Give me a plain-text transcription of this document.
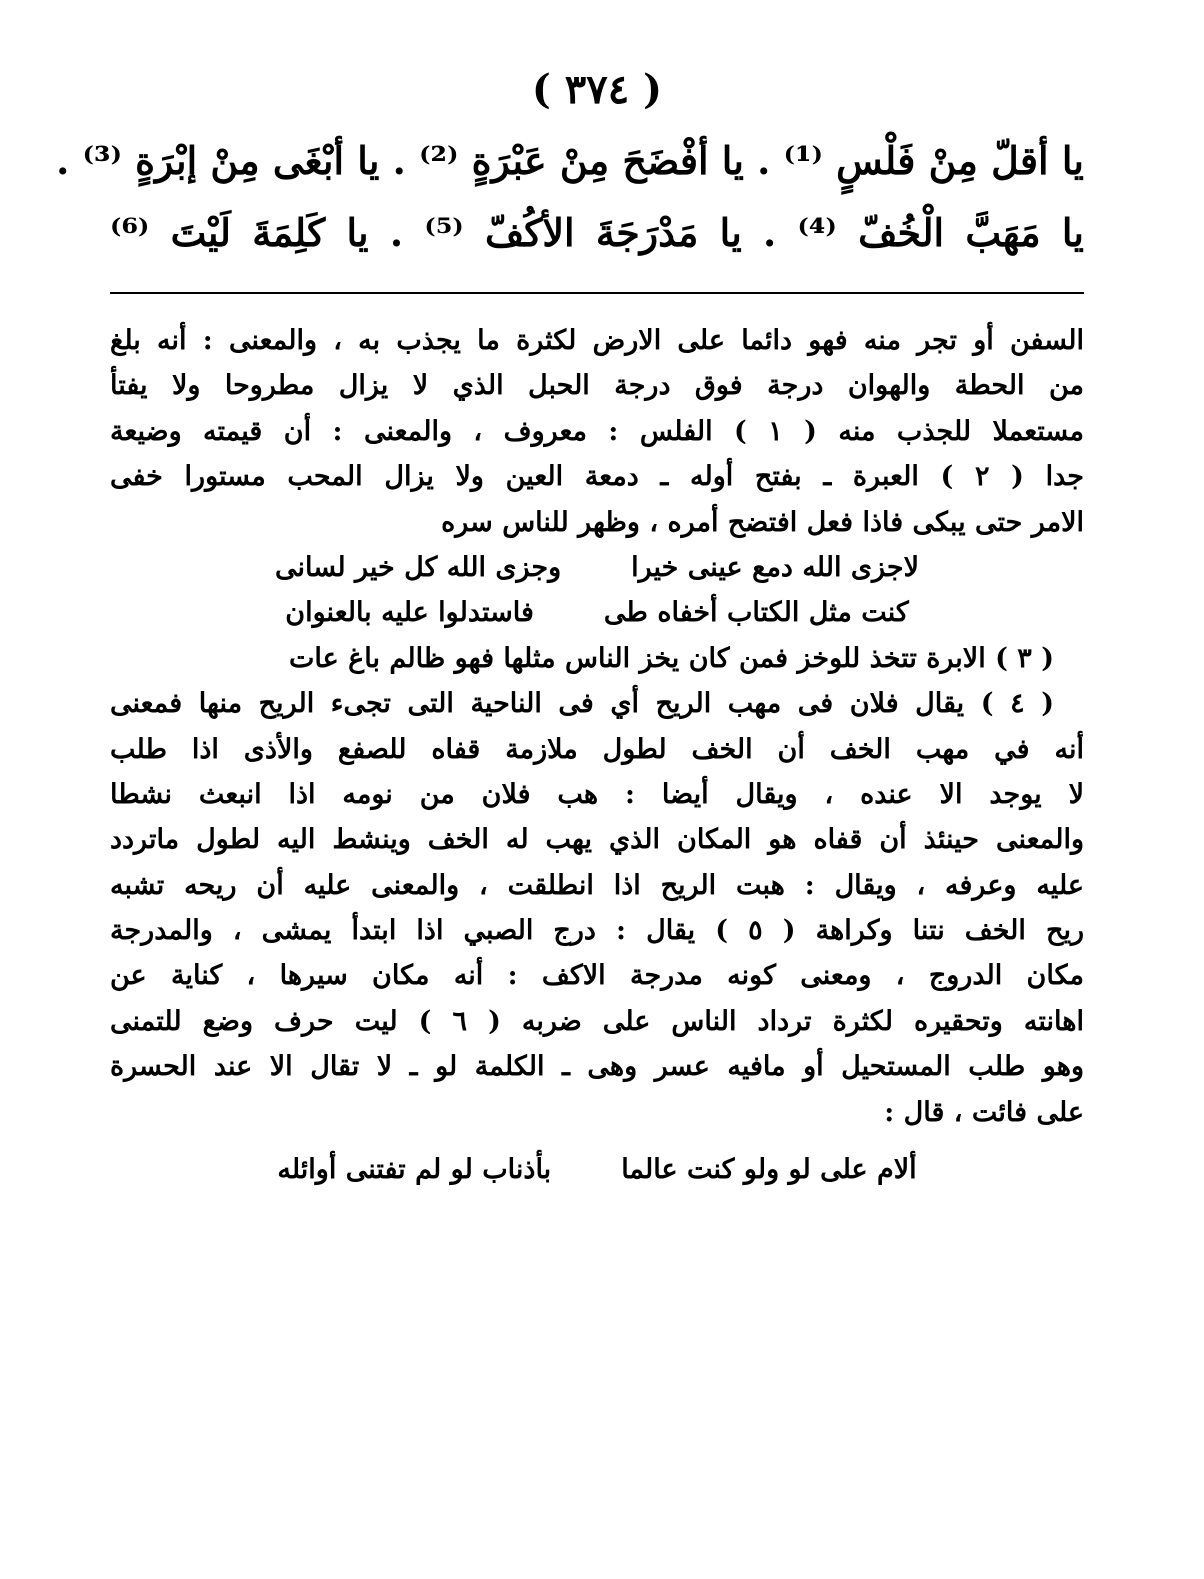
( ٣٧٤ )
يا أقلّ مِنْ فَلْسٍ ⁽¹⁾ . يا أفْضَحَ مِنْ عَبْرَةٍ ⁽²⁾ . يا أبْغَى مِنْ إبْرَةٍ ⁽³⁾ .
يا مَهَبَّ الْخُفّ ⁽⁴⁾ . يا مَدْرَجَةَ الأكُفّ ⁽⁵⁾ . يا كَلِمَةَ لَيْتَ ⁽⁶⁾
السفن أو تجر منه فهو دائما على الارض لكثرة ما يجذب به ، والمعنى : أنه بلغ
من الحطة والهوان درجة فوق درجة الحبل الذي لا يزال مطروحا ولا يفتأ
مستعملا للجذب منه ( ١ ) الفلس : معروف ، والمعنى : أن قيمته وضيعة
جدا ( ٢ ) العبرة ـ بفتح أوله ـ دمعة العين ولا يزال المحب مستورا خفى
الامر حتى يبكى فاذا فعل افتضح أمره ، وظهر للناس سره
لاجزى الله دمع عينى خيرا
وجزى الله كل خير لسانى
كنت مثل الكتاب أخفاه طى
فاستدلوا عليه بالعنوان
( ٣ ) الابرة تتخذ للوخز فمن كان يخز الناس مثلها فهو ظالم باغ عات
( ٤ ) يقال فلان فى مهب الريح أي فى الناحية التى تجىء الريح منها فمعنى
أنه في مهب الخف أن الخف لطول ملازمة قفاه للصفع والأذى اذا طلب
لا يوجد الا عنده ، ويقال أيضا : هب فلان من نومه اذا انبعث نشطا
والمعنى حينئذ أن قفاه هو المكان الذي يهب له الخف وينشط اليه لطول ماتردد
عليه وعرفه ، ويقال : هبت الريح اذا انطلقت ، والمعنى عليه أن ريحه تشبه
ريح الخف نتنا وكراهة ( ٥ ) يقال : درج الصبي اذا ابتدأ يمشى ، والمدرجة
مكان الدروج ، ومعنى كونه مدرجة الاكف : أنه مكان سيرها ، كناية عن
اهانته وتحقيره لكثرة ترداد الناس على ضربه ( ٦ ) ليت حرف وضع للتمنى
وهو طلب المستحيل أو مافيه عسر وهى ـ الكلمة لو ـ لا تقال الا عند الحسرة
على فائت ، قال :
ألام على لو ولو كنت عالما
بأذناب لو لم تفتنى أوائله
